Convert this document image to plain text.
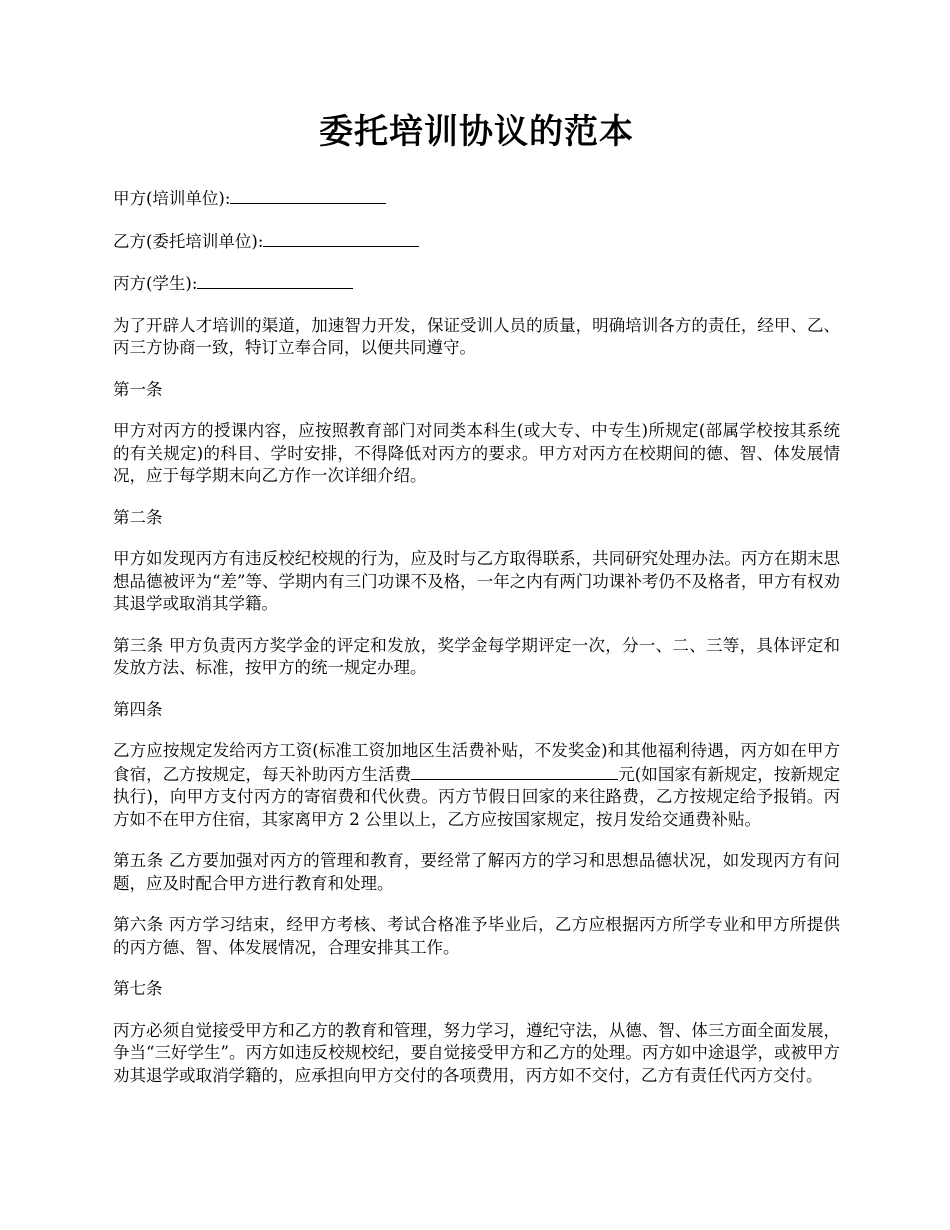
委托培训协议的范本
甲方(培训单位):
乙方(委托培训单位):
丙方(学生):

为了开辟人才培训的渠道，加速智力开发，保证受训人员的质量，明确培训各方的责任，经甲、乙、丙三方协商一致，特订立奉合同，以便共同遵守。

第一条

甲方对丙方的授课内容，应按照教育部门对同类本科生(或大专、中专生)所规定(部属学校按其系统的有关规定)的科目、学时安排，不得降低对丙方的要求。甲方对丙方在校期间的德、智、体发展情况，应于每学期末向乙方作一次详细介绍。

第二条

甲方如发现丙方有违反校纪校规的行为，应及时与乙方取得联系，共同研究处理办法。丙方在期末思想品德被评为“差”等、学期内有三门功课不及格，一年之内有两门功课补考仍不及格者，甲方有权劝其退学或取消其学籍。

第三条 甲方负责丙方奖学金的评定和发放，奖学金每学期评定一次，分一、二、三等，具体评定和发放方法、标准，按甲方的统一规定办理。

第四条

乙方应按规定发给丙方工资(标准工资加地区生活费补贴，不发奖金)和其他福利待遇，丙方如在甲方食宿，乙方按规定，每天补助丙方生活费	元(如国家有新规定，按新规定执行)，向甲方支付丙方的寄宿费和代伙费。丙方节假日回家的来往路费，乙方按规定给予报销。丙方如不在甲方住宿，其家离甲方 2 公里以上，乙方应按国家规定，按月发给交通费补贴。

第五条 乙方要加强对丙方的管理和教育，要经常了解丙方的学习和思想品德状况，如发现丙方有问题，应及时配合甲方进行教育和处理。

第六条 丙方学习结束，经甲方考核、考试合格准予毕业后，乙方应根据丙方所学专业和甲方所提供的丙方德、智、体发展情况，合理安排其工作。

第七条

丙方必须自觉接受甲方和乙方的教育和管理，努力学习，遵纪守法，从德、智、体三方面全面发展，争当“三好学生”。丙方如违反校规校纪，要自觉接受甲方和乙方的处理。丙方如中途退学，或被甲方劝其退学或取消学籍的，应承担向甲方交付的各项费用，丙方如不交付，乙方有责任代丙方交付。
